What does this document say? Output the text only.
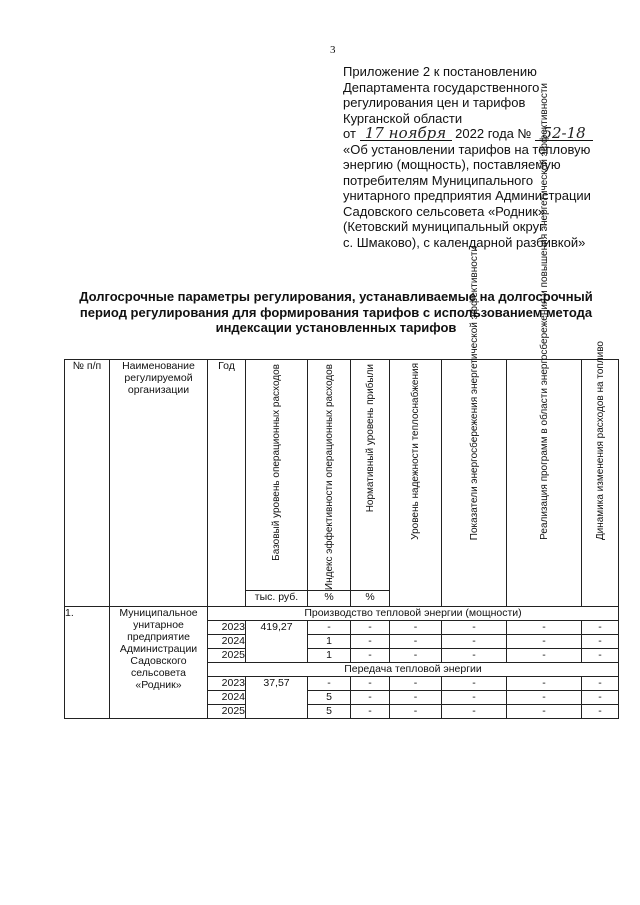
3
Приложение 2 к постановлению
Департамента государственного
регулирования цен и тарифов
Курганской области
от 17 ноября 2022 года № 52-18
«Об установлении тарифов на тепловую
энергию (мощность), поставляемую
потребителям Муниципального
унитарного предприятия Администрации
Садовского сельсовета «Родник»
(Кетовский муниципальный округ:
с. Шмаково), с календарной разбивкой»
Долгосрочные параметры регулирования, устанавливаемые на долгосрочный
период регулирования для формирования тарифов с использованием метода
индексации установленных тарифов
№ п/п	Наименование регулируемой организации	Год	Базовый уровень операционных расходов	Индекс эффективности операционных расходов	Нормативный уровень прибыли	Уровень надежности теплоснабжения	Показатели энергосбережения энергетической эффективности	Реализация программ в области энергосбережения и повышения энергетической эффективности	Динамика изменения расходов на топливо

			тыс. руб.	%	%				
1.	Муниципальное унитарное предприятие Администрации Садовского сельсовета «Родник»	Производство тепловой энергии (мощности)							
		2023	419,27	-	-	-	-	-	-
		2024		1	-	-	-	-	-
		2025		1	-	-	-	-	-
		Передача тепловой энергии							
		2023	37,57	-	-	-	-	-	-
		2024		5	-	-	-	-	-
		2025		5	-	-	-	-	-
